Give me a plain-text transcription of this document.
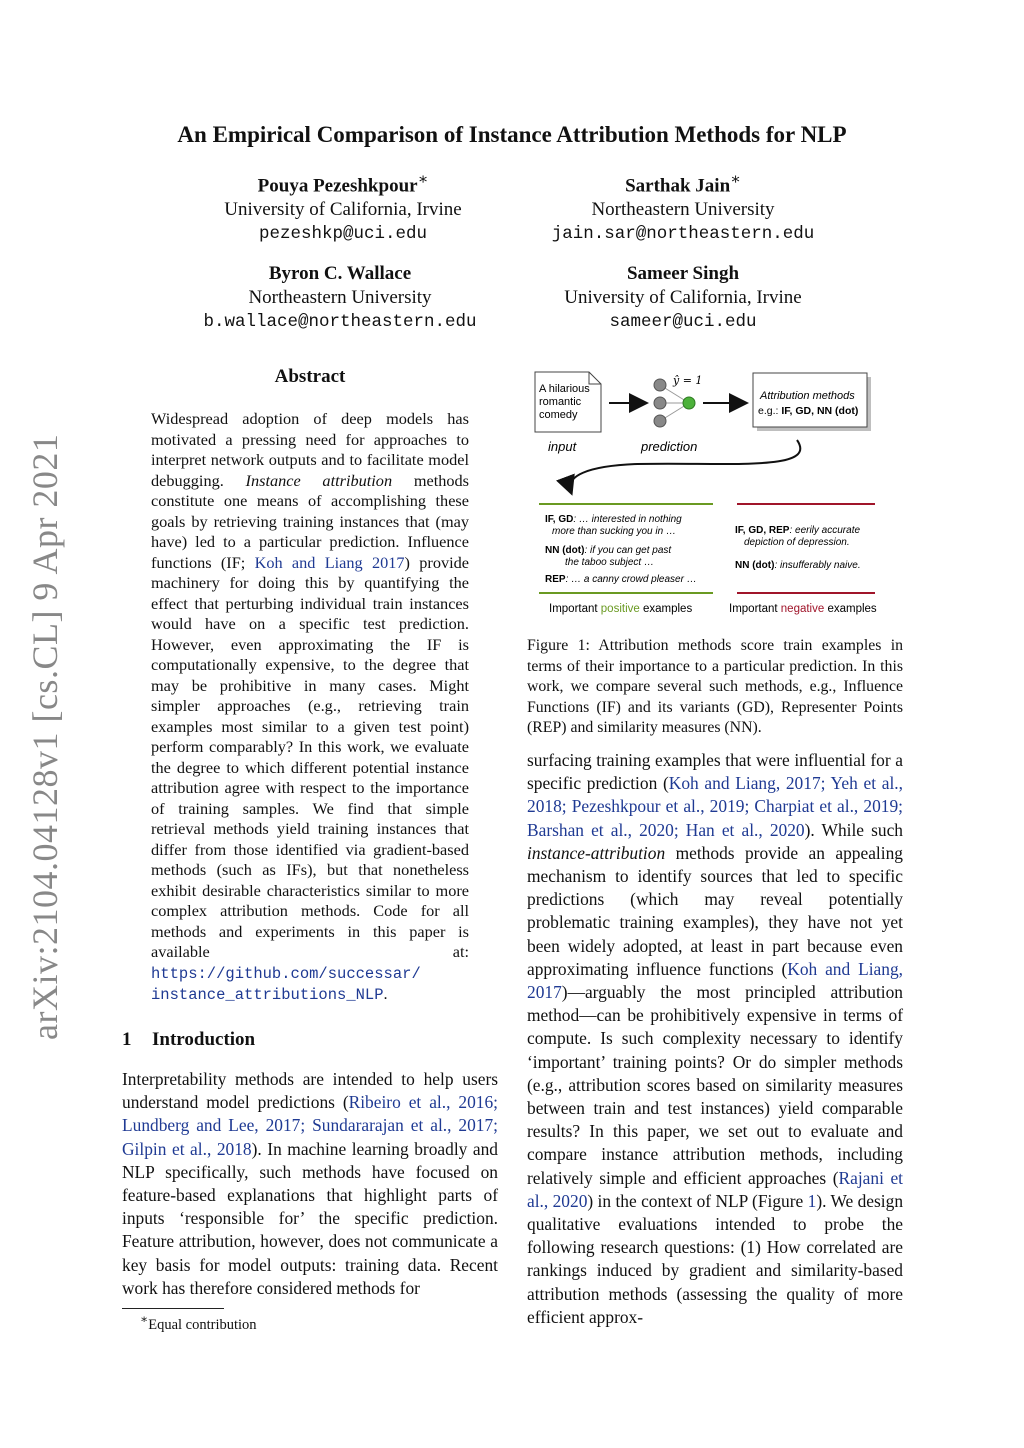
arXiv:2104.04128v1 [cs.CL] 9 Apr 2021
An Empirical Comparison of Instance Attribution Methods for NLP
Pouya Pezeshkpour∗
University of California, Irvine
pezeshkp@uci.edu
Sarthak Jain∗
Northeastern University
jain.sar@northeastern.edu
Byron C. Wallace
Northeastern University
b.wallace@northeastern.edu
Sameer Singh
University of California, Irvine
sameer@uci.edu
Abstract
Widespread adoption of deep models has motivated a pressing need for approaches to interpret network outputs and to facilitate model debugging. Instance attribution methods constitute one means of accomplishing these goals by retrieving training instances that (may have) led to a particular prediction. Influence functions (IF; Koh and Liang 2017) provide machinery for doing this by quantifying the effect that perturbing individual train instances would have on a specific test prediction. However, even approximating the IF is computationally expensive, to the degree that may be prohibitive in many cases. Might simpler approaches (e.g., retrieving train examples most similar to a given test point) perform comparably? In this work, we evaluate the degree to which different potential instance attribution agree with respect to the importance of training samples. We find that simple retrieval methods yield training instances that differ from those identified via gradient-based methods (such as IFs), but that nonetheless exhibit desirable characteristics similar to more complex attribution methods. Code for all methods and experiments in this paper is available at: https://github.com/successar/
instance_attributions_NLP.
1 Introduction
Interpretability methods are intended to help users understand model predictions (Ribeiro et al., 2016; Lundberg and Lee, 2017; Sundararajan et al., 2017; Gilpin et al., 2018). In machine learning broadly and NLP specifically, such methods have focused on feature-based explanations that highlight parts of inputs ‘responsible for’ the specific prediction. Feature attribution, however, does not communicate a key basis for model outputs: training data. Recent work has therefore considered methods for
∗Equal contribution
A hilarious
romantic
comedy
input
ŷ = 1
prediction
Attribution methods
e.g.: IF, GD, NN (dot)
IF, GD: … interested in nothing
more than sucking you in …
NN (dot): if you can get past
the taboo subject …
REP: … a canny crowd pleaser …
Important positive examples
IF, GD, REP: eerily accurate
depiction of depression.
NN (dot): insufferably naive.
Important negative examples
Figure 1: Attribution methods score train examples in terms of their importance to a particular prediction. In this work, we compare several such methods, e.g., Influence Functions (IF) and its variants (GD), Representer Points (REP) and similarity measures (NN).
surfacing training examples that were influential for a specific prediction (Koh and Liang, 2017; Yeh et al., 2018; Pezeshkpour et al., 2019; Charpiat et al., 2019; Barshan et al., 2020; Han et al., 2020). While such instance-attribution methods provide an appealing mechanism to identify sources that led to specific predictions (which may reveal potentially problematic training examples), they have not yet been widely adopted, at least in part because even approximating influence functions (Koh and Liang, 2017)—arguably the most principled attribution method—can be prohibitively expensive in terms of compute. Is such complexity necessary to identify ‘important’ training points? Or do simpler methods (e.g., attribution scores based on similarity measures between train and test instances) yield comparable results? In this paper, we set out to evaluate and compare instance attribution methods, including relatively simple and efficient approaches (Rajani et al., 2020) in the context of NLP (Figure 1). We design qualitative evaluations intended to probe the following research questions: (1) How correlated are rankings induced by gradient and similarity-based attribution methods (assessing the quality of more efficient approx-
